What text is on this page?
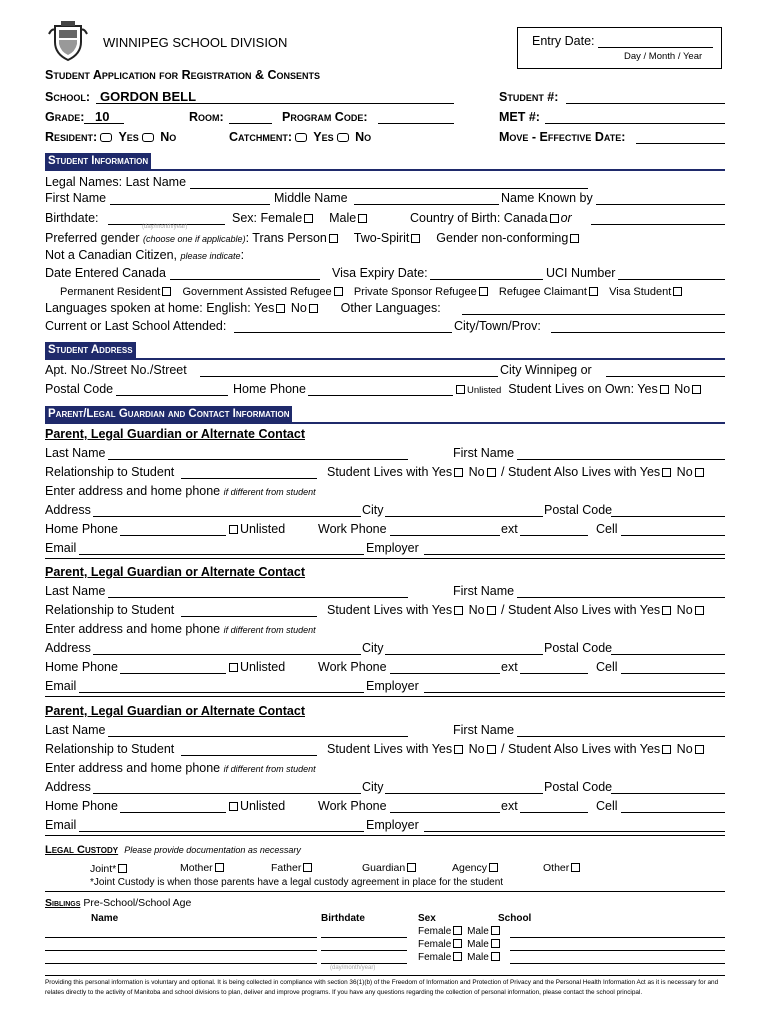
WINNIPEG SCHOOL DIVISION	Entry Date:
Day / Month / Year
Student Application for Registration & Consents
School: GORDON BELL
Grade: 10	Room:	Program Code:
Resident: Yes No	Catchment: Yes No
Student #:
MET #:
Move - Effective Date:
Student Information
Legal Names: Last Name
First Name	Middle Name	Name Known by
Birthdate:
(day/month/year)
Sex: Female Male	Country of Birth: Canada or
Preferred gender (choose one if applicable): Trans Person Two-Spirit Gender non-conforming
Not a Canadian Citizen, please indicate:
Date Entered Canada	Visa Expiry Date:	UCI Number
Permanent Resident Government Assisted Refugee Private Sponsor Refugee Refugee Claimant Visa Student
Languages spoken at home: English: Yes No	Other Languages:
Current or Last School Attended:	City/Town/Prov:
Student Address
Apt. No./Street No./Street	City Winnipeg or
Postal Code	Home Phone	Unlisted Student Lives on Own: Yes No
Parent/Legal Guardian and Contact Information
Parent, Legal Guardian or Alternate Contact
Last Name	First Name
Relationship to Student	Student Lives with Yes No / Student Also Lives with Yes No
Enter address and home phone if different from student
Address	City	Postal Code
Home Phone	Unlisted	Work Phone	ext	Cell
Email	Employer
Parent, Legal Guardian or Alternate Contact
Last Name	First Name
Relationship to Student	Student Lives with Yes No / Student Also Lives with Yes No
Enter address and home phone if different from student
Address	City	Postal Code
Home Phone	Unlisted	Work Phone	ext	Cell
Email	Employer
Parent, Legal Guardian or Alternate Contact
Last Name	First Name
Relationship to Student	Student Lives with Yes No / Student Also Lives with Yes No
Enter address and home phone if different from student
Address	City	Postal Code
Home Phone	Unlisted	Work Phone	ext	Cell
Email	Employer
Legal Custody Please provide documentation as necessary
Joint*	Mother	Father	Guardian	Agency	Other
*Joint Custody is when those parents have a legal custody agreement in place for the student
Siblings Pre-School/School Age
Name	Birthdate	Sex	School
Female Male
Female Male
Female Male
(day/month/year)
Providing this personal information is voluntary and optional. It is being collected in compliance with section 36(1)(b) of the Freedom of Information and Protection of Privacy and the Personal Health Information Act as it is necessary for and
relates directly to the activity of Manitoba and school divisions to plan, deliver and improve programs. If you have any questions regarding the collection of personal information, please contact the school principal.
